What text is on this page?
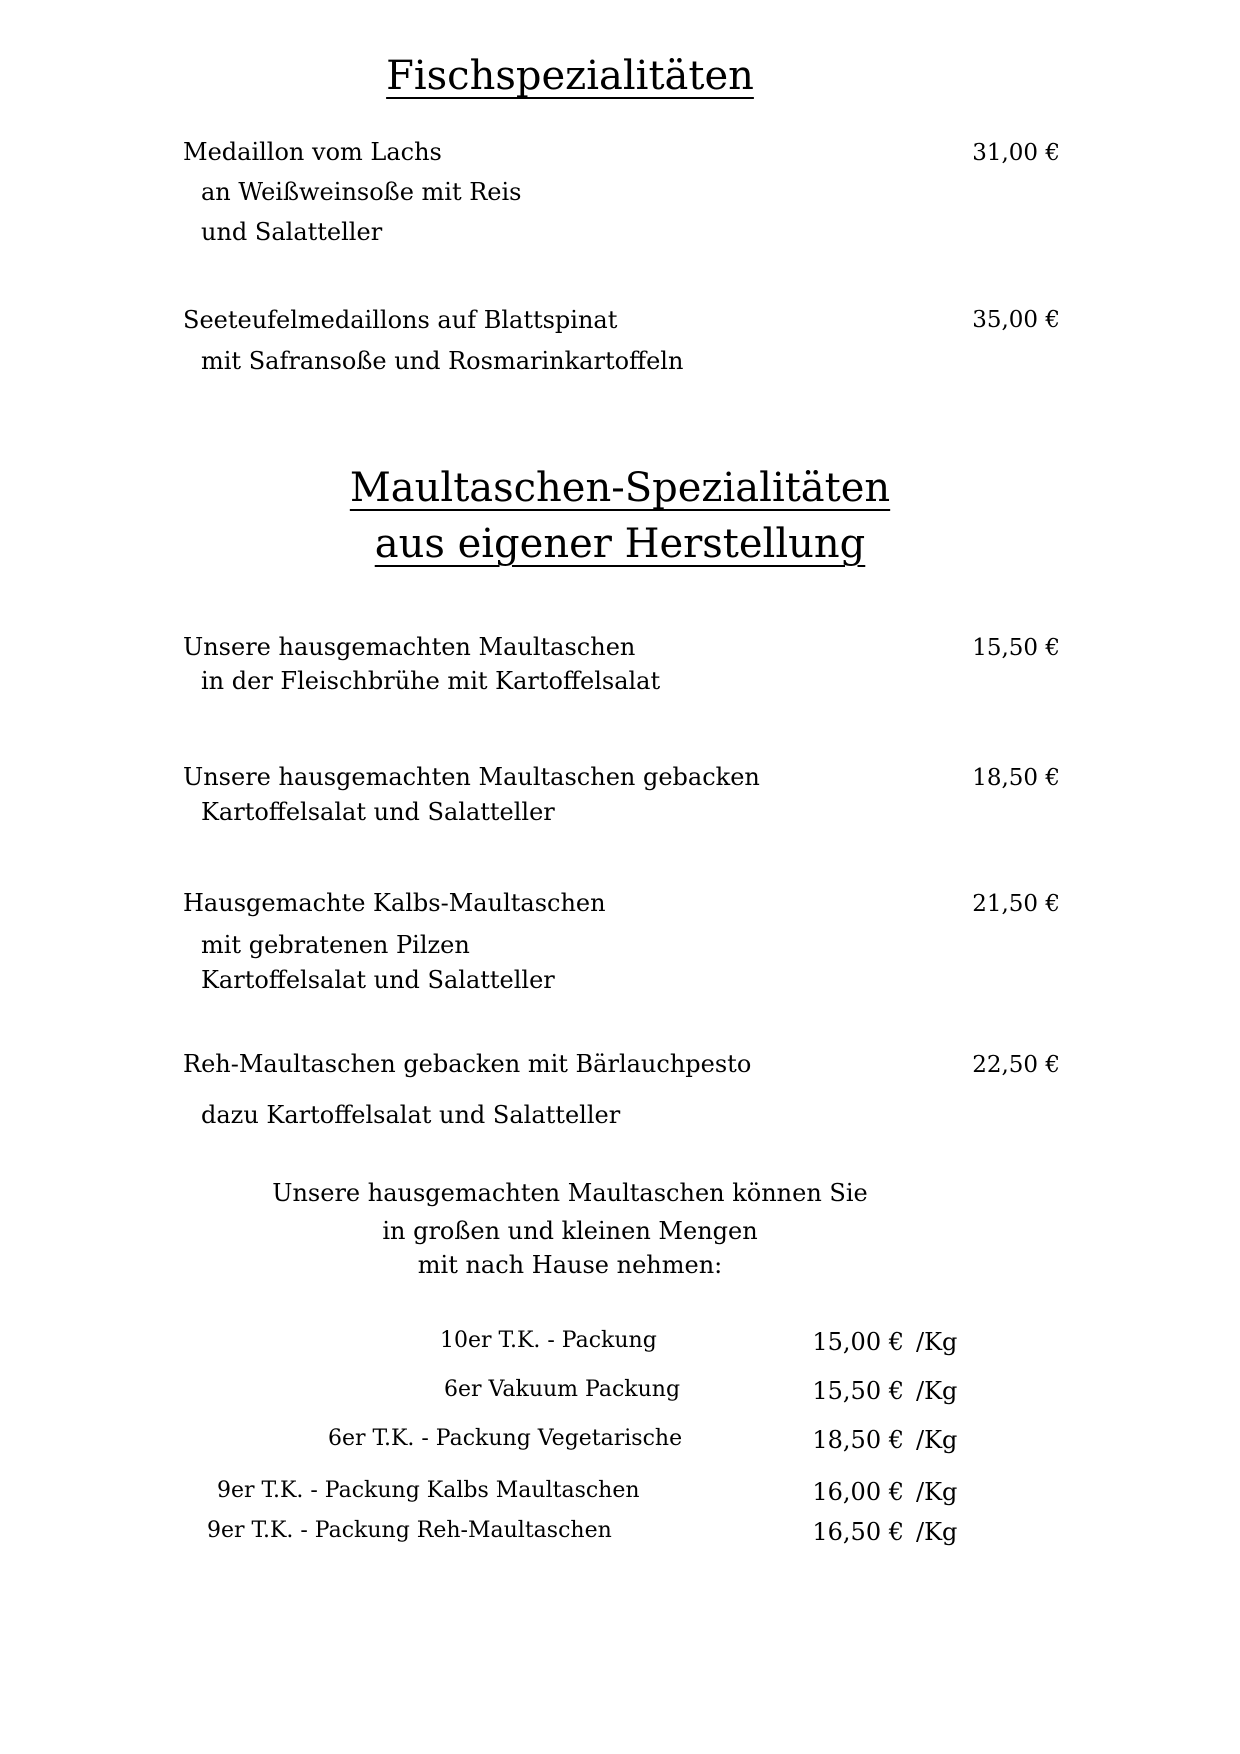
Fischspezialitäten
Medaillon vom Lachs	31,00 €
an Weißweinsoße mit Reis
und Salatteller
Seeteufelmedaillons auf Blattspinat	35,00 €
mit Safransoße und Rosmarinkartoffeln
Maultaschen-Spezialitäten
aus eigener Herstellung
Unsere hausgemachten Maultaschen	15,50 €
in der Fleischbrühe mit Kartoffelsalat
Unsere hausgemachten Maultaschen gebacken	18,50 €
Kartoffelsalat und Salatteller
Hausgemachte Kalbs-Maultaschen	21,50 €
mit gebratenen Pilzen
Kartoffelsalat und Salatteller
Reh-Maultaschen gebacken mit Bärlauchpesto	22,50 €
dazu Kartoffelsalat und Salatteller
Unsere hausgemachten Maultaschen können Sie
in großen und kleinen Mengen
mit nach Hause nehmen:
10er T.K. - Packung	15,00 € /Kg
6er Vakuum Packung	15,50 € /Kg
6er T.K. - Packung Vegetarische	18,50 € /Kg
9er T.K. - Packung Kalbs Maultaschen	16,00 € /Kg
9er T.K. - Packung Reh-Maultaschen	16,50 € /Kg
